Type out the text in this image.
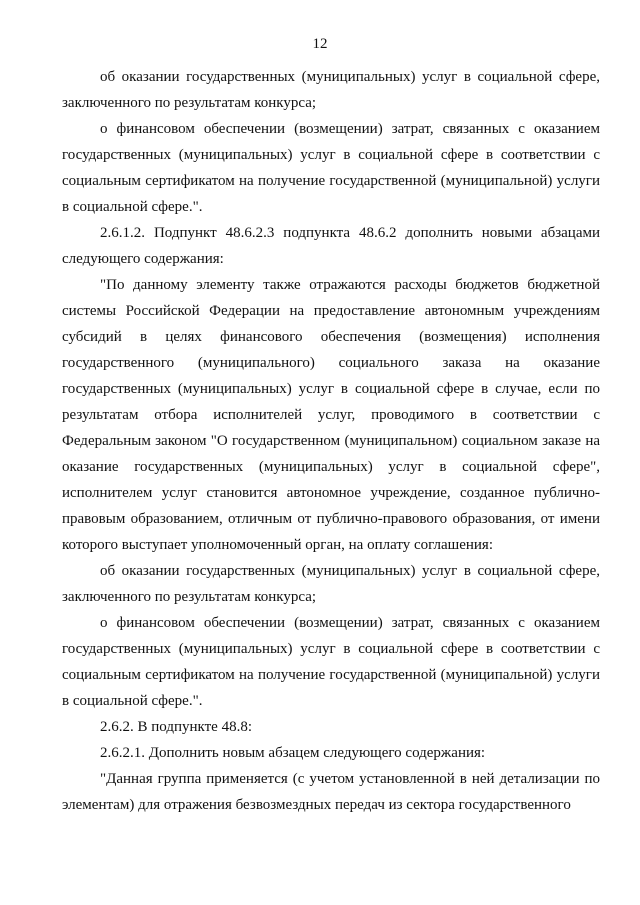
12

об оказании государственных (муниципальных) услуг в социальной сфере, заключенного по результатам конкурса;

о финансовом обеспечении (возмещении) затрат, связанных с оказанием государственных (муниципальных) услуг в социальной сфере в соответствии с социальным сертификатом на получение государственной (муниципальной) услуги в социальной сфере.".

2.6.1.2. Подпункт 48.6.2.3 подпункта 48.6.2 дополнить новыми абзацами следующего содержания:

"По данному элементу также отражаются расходы бюджетов бюджетной системы Российской Федерации на предоставление автономным учреждениям субсидий в целях финансового обеспечения (возмещения) исполнения государственного (муниципального) социального заказа на оказание государственных (муниципальных) услуг в социальной сфере в случае, если по результатам отбора исполнителей услуг, проводимого в соответствии с Федеральным законом "О государственном (муниципальном) социальном заказе на оказание государственных (муниципальных) услуг в социальной сфере", исполнителем услуг становится автономное учреждение, созданное публично-правовым образованием, отличным от публично-правового образования, от имени которого выступает уполномоченный орган, на оплату соглашения:

об оказании государственных (муниципальных) услуг в социальной сфере, заключенного по результатам конкурса;

о финансовом обеспечении (возмещении) затрат, связанных с оказанием государственных (муниципальных) услуг в социальной сфере в соответствии с социальным сертификатом на получение государственной (муниципальной) услуги в социальной сфере.".

2.6.2. В подпункте 48.8:

2.6.2.1. Дополнить новым абзацем следующего содержания:

"Данная группа применяется (с учетом установленной в ней детализации по элементам) для отражения безвозмездных передач из сектора государственного
